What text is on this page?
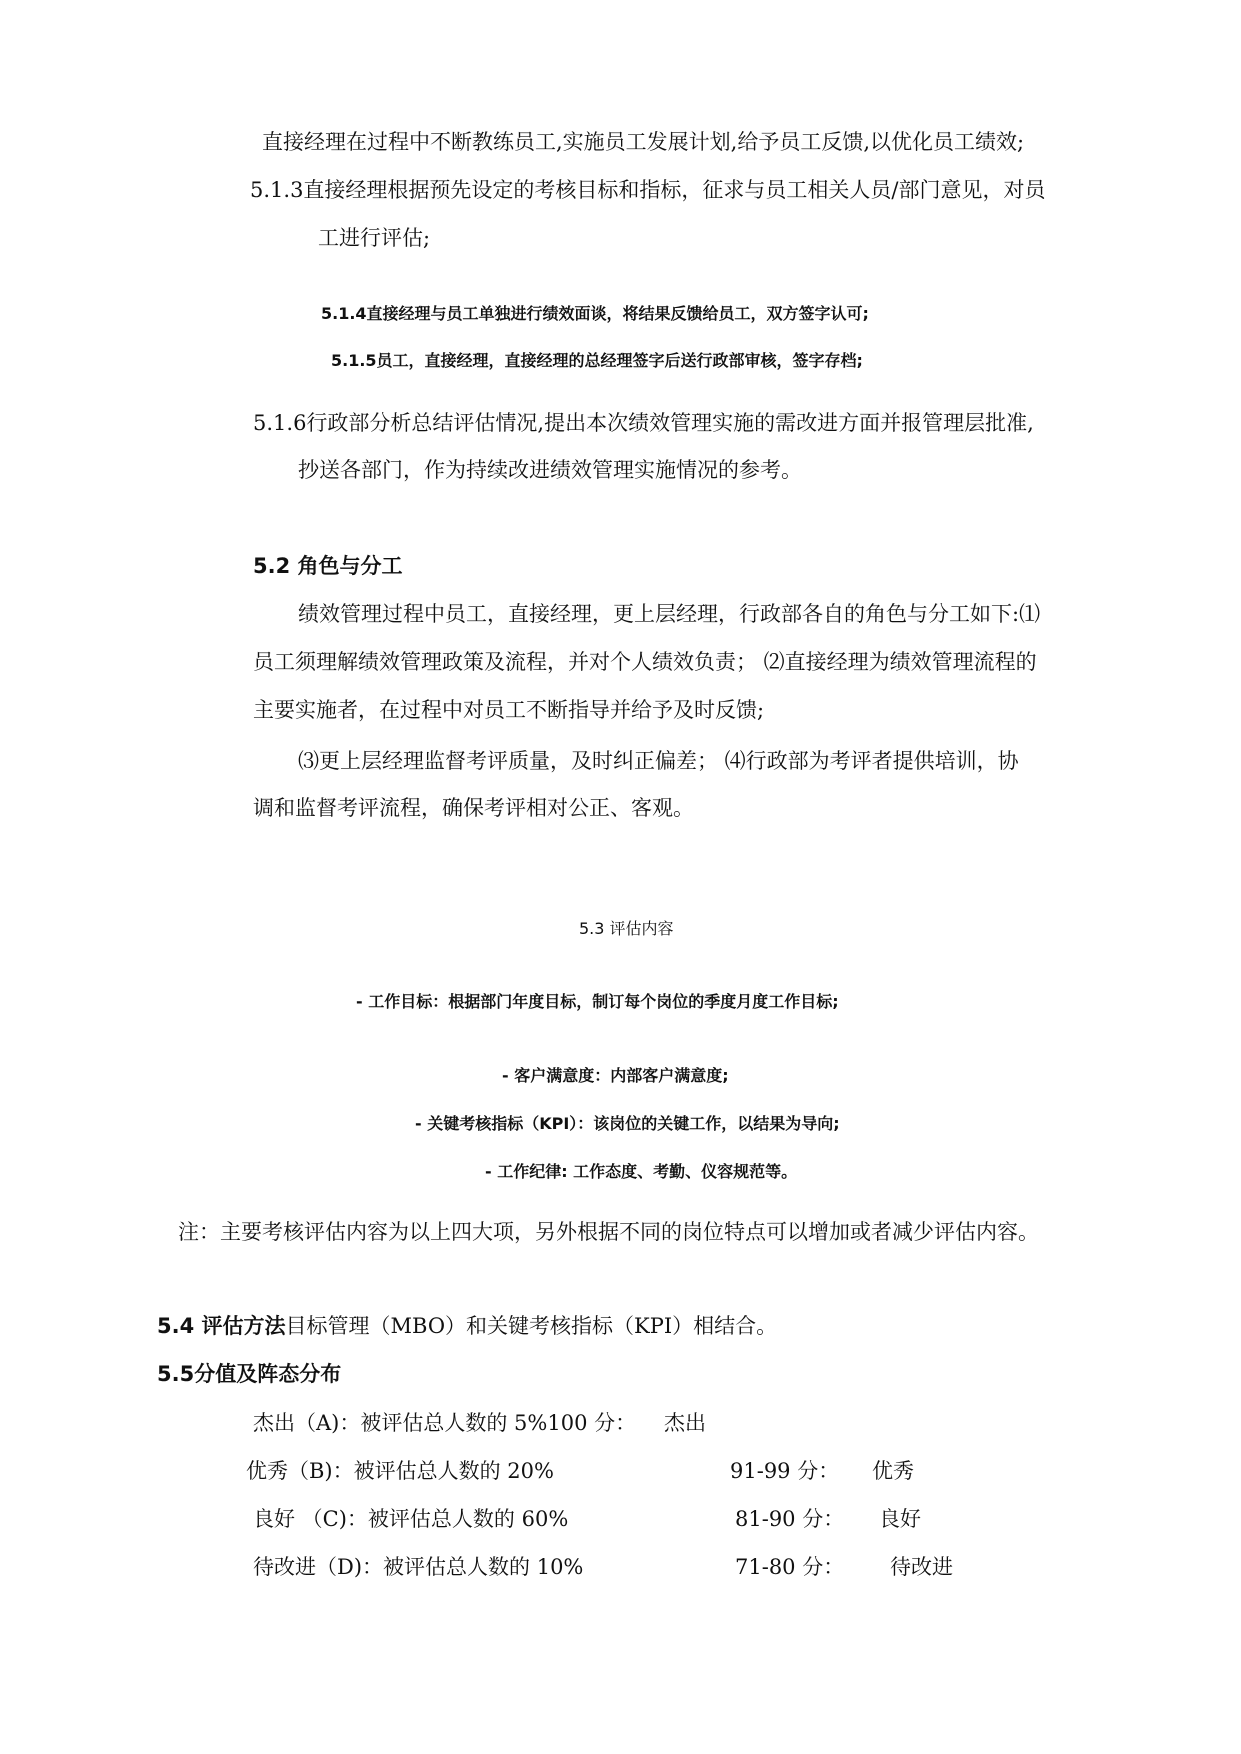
直接经理在过程中不断教练员工,实施员工发展计划,给予员工反馈,以优化员工绩效;
5.1.3直接经理根据预先设定的考核目标和指标，征求与员工相关人员/部门意见，对员
工进行评估;
5.1.4直接经理与员工单独进行绩效面谈，将结果反馈给员工，双方签字认可;
5.1.5员工，直接经理，直接经理的总经理签字后送行政部审核，签字存档;
5.1.6行政部分析总结评估情况,提出本次绩效管理实施的需改进方面并报管理层批准,
抄送各部门，作为持续改进绩效管理实施情况的参考。
5.2 角色与分工
绩效管理过程中员工，直接经理，更上层经理，行政部各自的角色与分工如下:⑴
员工须理解绩效管理政策及流程，并对个人绩效负责； ⑵直接经理为绩效管理流程的
主要实施者，在过程中对员工不断指导并给予及时反馈;
⑶更上层经理监督考评质量，及时纠正偏差； ⑷行政部为考评者提供培训，协
调和监督考评流程，确保考评相对公正、客观。
5.3 评估内容
- 工作目标：根据部门年度目标，制订每个岗位的季度月度工作目标;
- 客户满意度：内部客户满意度;
- 关键考核指标（KPI）：该岗位的关键工作，以结果为导向;
- 工作纪律: 工作态度、考勤、仪容规范等。
注：主要考核评估内容为以上四大项，另外根据不同的岗位特点可以增加或者减少评估内容。
5.4 评估方法目标管理（MBO）和关键考核指标（KPI）相结合。
5.5分值及阵态分布
杰出（A)：被评估总人数的 5%100 分： 杰出
优秀（B)：被评估总人数的 20%	91-99 分： 优秀
良好 （C)：被评估总人数的 60%	81-90 分： 良好
待改进（D)：被评估总人数的 10%	71-80 分： 待改进
